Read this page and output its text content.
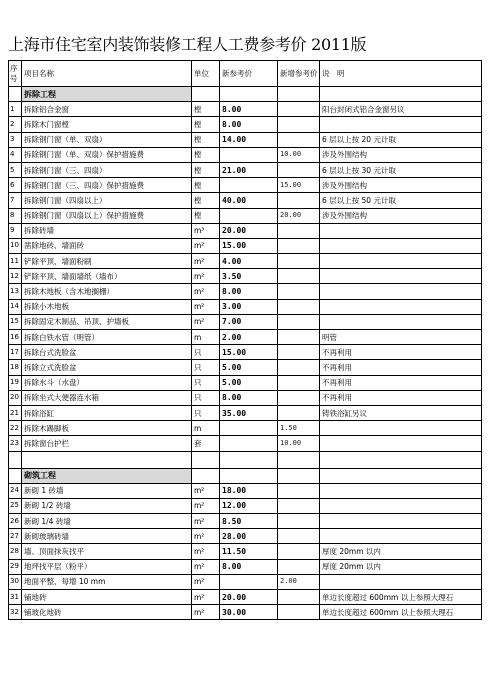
上海市住宅室内装饰装修工程人工费参考价 2011版
序号	项目名称	单位	新参考价	新增参考价	说　明
	拆除工程				
1	拆除铝合金窗	樘	8.00		阳台封闭式铝合金窗另议
2	拆除木门窗樘	樘	8.00		
3	拆除钢门窗（单、双扇）	樘	14.00		6 层以上按 20 元计取
4	拆除钢门窗（单、双扇）保护措施费	樘		10.00	涉及外围结构
5	拆除钢门窗（三、四扇）	樘	21.00		6 层以上按 30 元计取
6	拆除钢门窗（三、四扇）保护措施费	樘		15.00	涉及外围结构
7	拆除钢门窗（四扇以上）	樘	40.00		6 层以上按 50 元计取
8	拆除钢门窗（四扇以上）保护措施费	樘		20.00	涉及外围结构
9	拆除砖墙	m³	20.00		
10	凿除地砖、墙面砖	m²	15.00		
11	铲除平顶、墙面粉刷	m²	4.00		
12	铲除平顶、墙面墙纸（墙布）	m²	3.50		
13	拆除木地板（含木地搁栅）	m²	8.00		
14	拆除小木地板	m²	3.00		
15	拆除固定木制品、吊顶、护墙板	m²	7.00		
16	拆除白铁水管（明管）	m	2.00		明管
17	拆除台式洗脸盆	只	15.00		不再利用
18	拆除立式洗脸盆	只	5.00		不再利用
19	拆除水斗（水盘）	只	5.00		不再利用
20	拆除坐式大便器连水箱	只	8.00		不再利用
21	拆除浴缸	只	35.00		铸铁浴缸另议
22	拆除木踢脚板	m		1.50	
23	拆除窗台护栏	套		10.00	

	砌筑工程				
24	新砌 1 砖墙	m²	18.00		
25	新砌 1/2 砖墙	m²	12.00		
26	新砌 1/4 砖墙	m²	8.50		
27	新砌玻璃砖墙	m²	28.00		
28	墙、顶面抹灰找平	m²	11.50		厚度 20mm 以内
29	地坪找平层（粉平）	m²	8.00		厚度 20mm 以内
30	地面平整、每增 10 mm	m²		2.00	
31	铺地砖	m²	20.00		单边长度超过 600mm 以上参照大理石
32	铺玻化地砖	m²	30.00		单边长度超过 600mm 以上参照大理石
